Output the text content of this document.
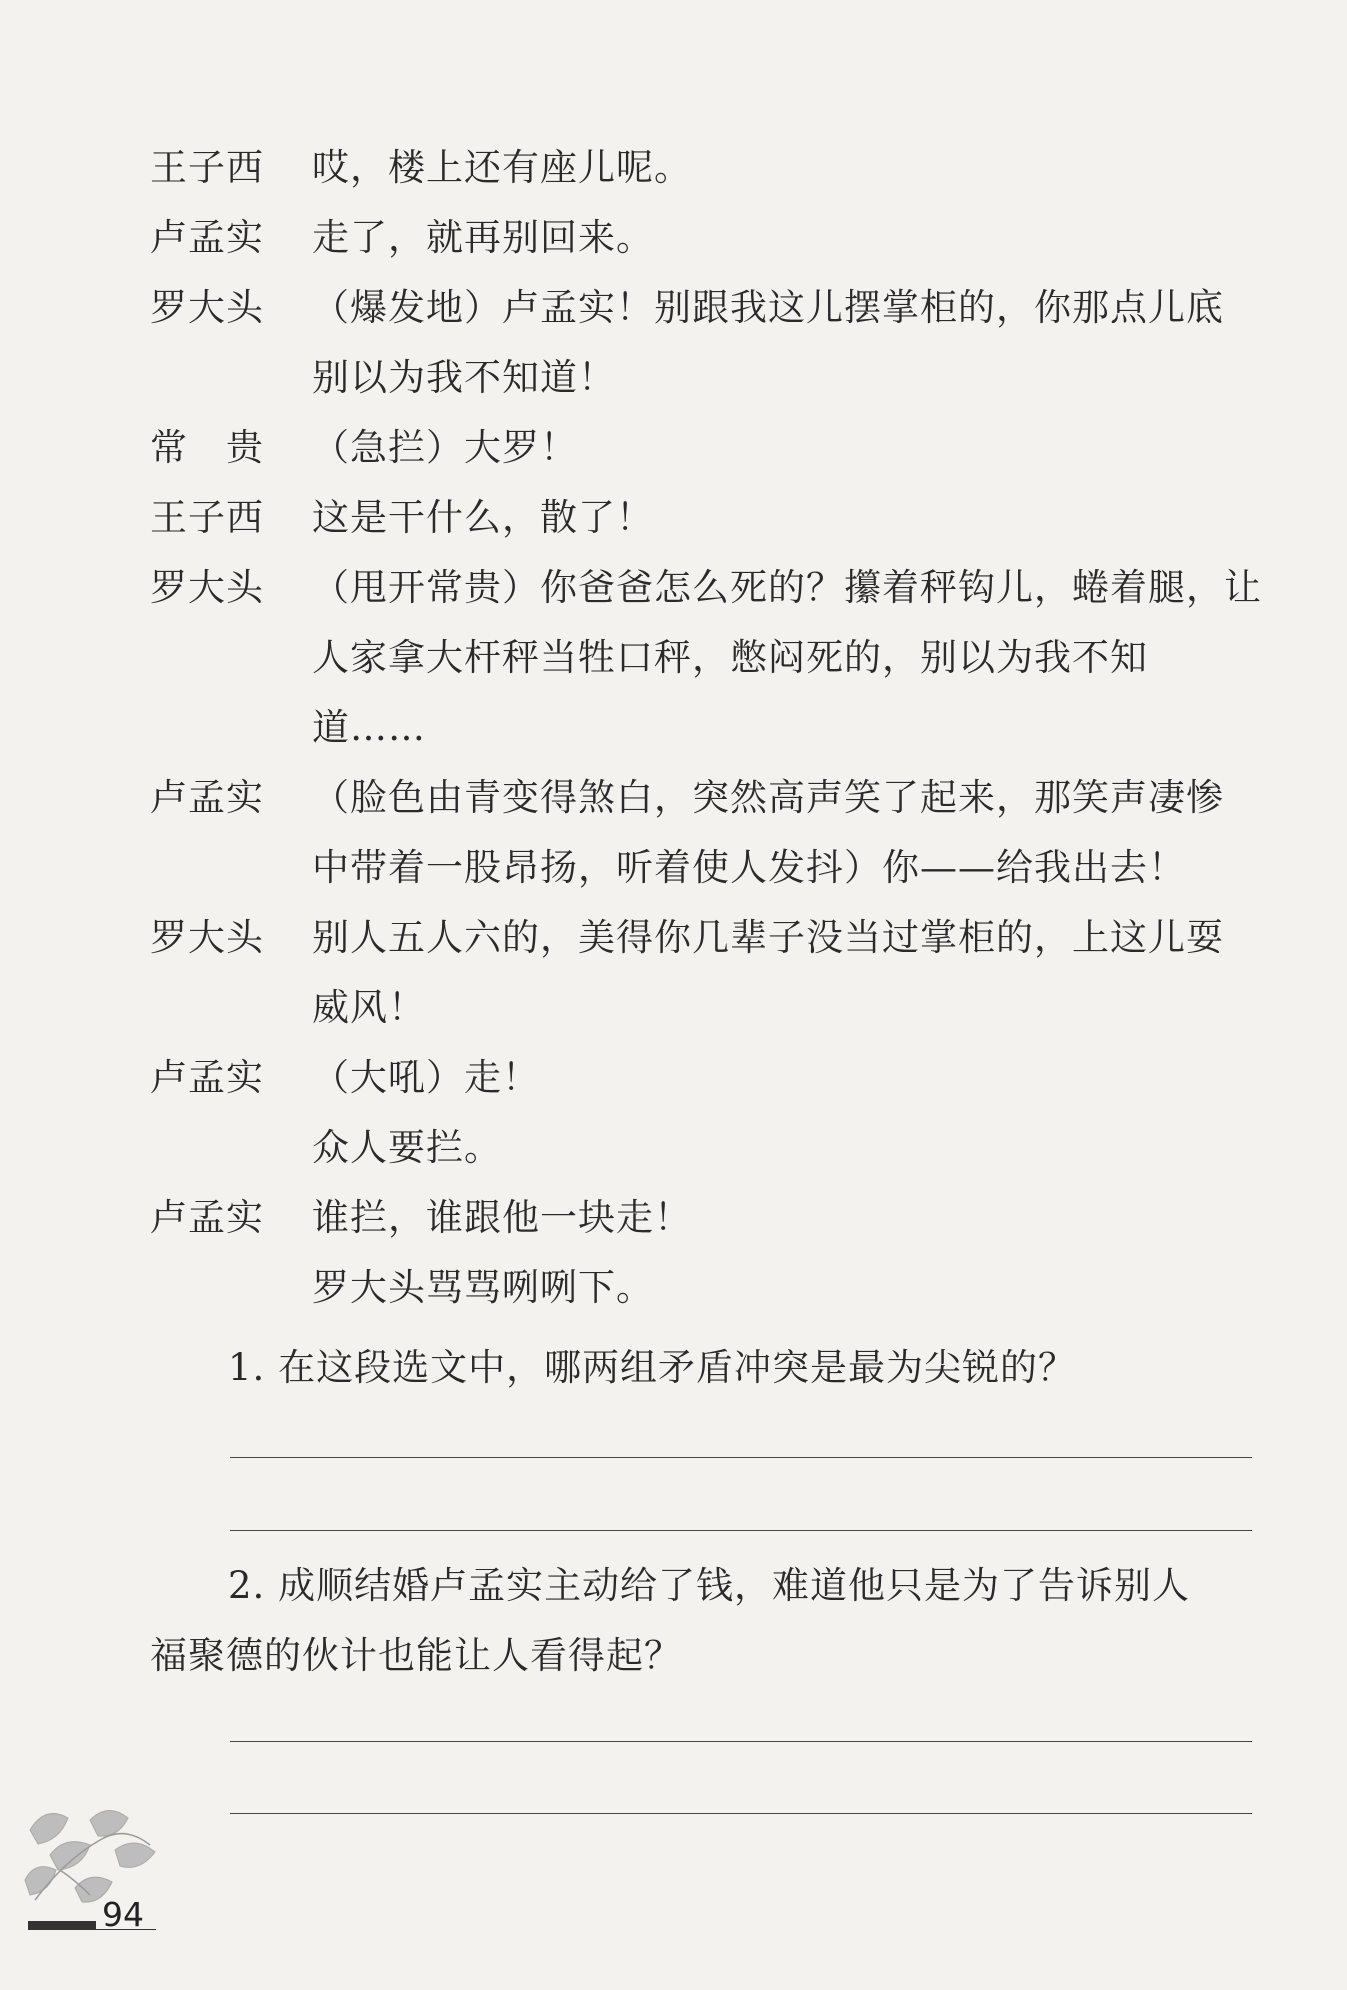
王子西 哎，楼上还有座儿呢。
卢孟实 走了，就再别回来。
罗大头 （爆发地）卢孟实！别跟我这儿摆掌柜的，你那点儿底
别以为我不知道！
常　贵 （急拦）大罗！
王子西 这是干什么，散了！
罗大头 （甩开常贵）你爸爸怎么死的？攥着秤钩儿，蜷着腿，让
人家拿大杆秤当牲口秤，憋闷死的，别以为我不知
道……
卢孟实 （脸色由青变得煞白，突然高声笑了起来，那笑声凄惨
中带着一股昂扬，听着使人发抖）你——给我出去！
罗大头 别人五人六的，美得你几辈子没当过掌柜的，上这儿耍
威风！
卢孟实 （大吼）走！
众人要拦。
卢孟实 谁拦，谁跟他一块走！
罗大头骂骂咧咧下。
1. 在这段选文中，哪两组矛盾冲突是最为尖锐的？
2. 成顺结婚卢孟实主动给了钱，难道他只是为了告诉别人
福聚德的伙计也能让人看得起？
94
